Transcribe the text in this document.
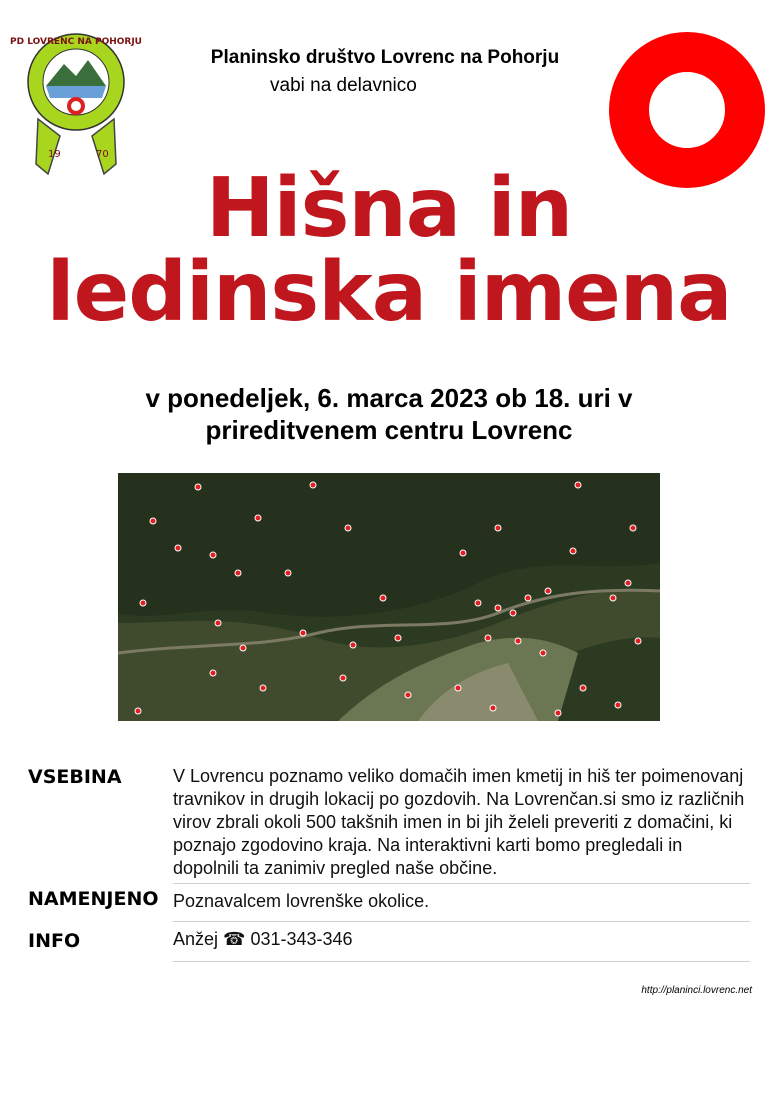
PD LOVRENC NA POHORJU
19	70
Planinsko društvo Lovrenc na Pohorju
vabi na delavnico
Hišna in
ledinska imena
v ponedeljek, 6. marca 2023 ob 18. uri v
prireditvenem centru Lovrenc
VSEBINA	V Lovrencu poznamo veliko domačih imen kmetij in hiš ter poimenovanj travnikov in drugih lokacij po gozdovih. Na Lovrenčan.si smo iz različnih virov zbrali okoli 500 takšnih imen in bi jih želeli preveriti z domačini, ki poznajo zgodovino kraja. Na interaktivni karti bomo pregledali in dopolnili ta zanimiv pregled naše občine.
NAMENJENO Poznavalcem lovrenške okolice.
INFO	Anžej ☎ 031-343-346
http://planinci.lovrenc.net
